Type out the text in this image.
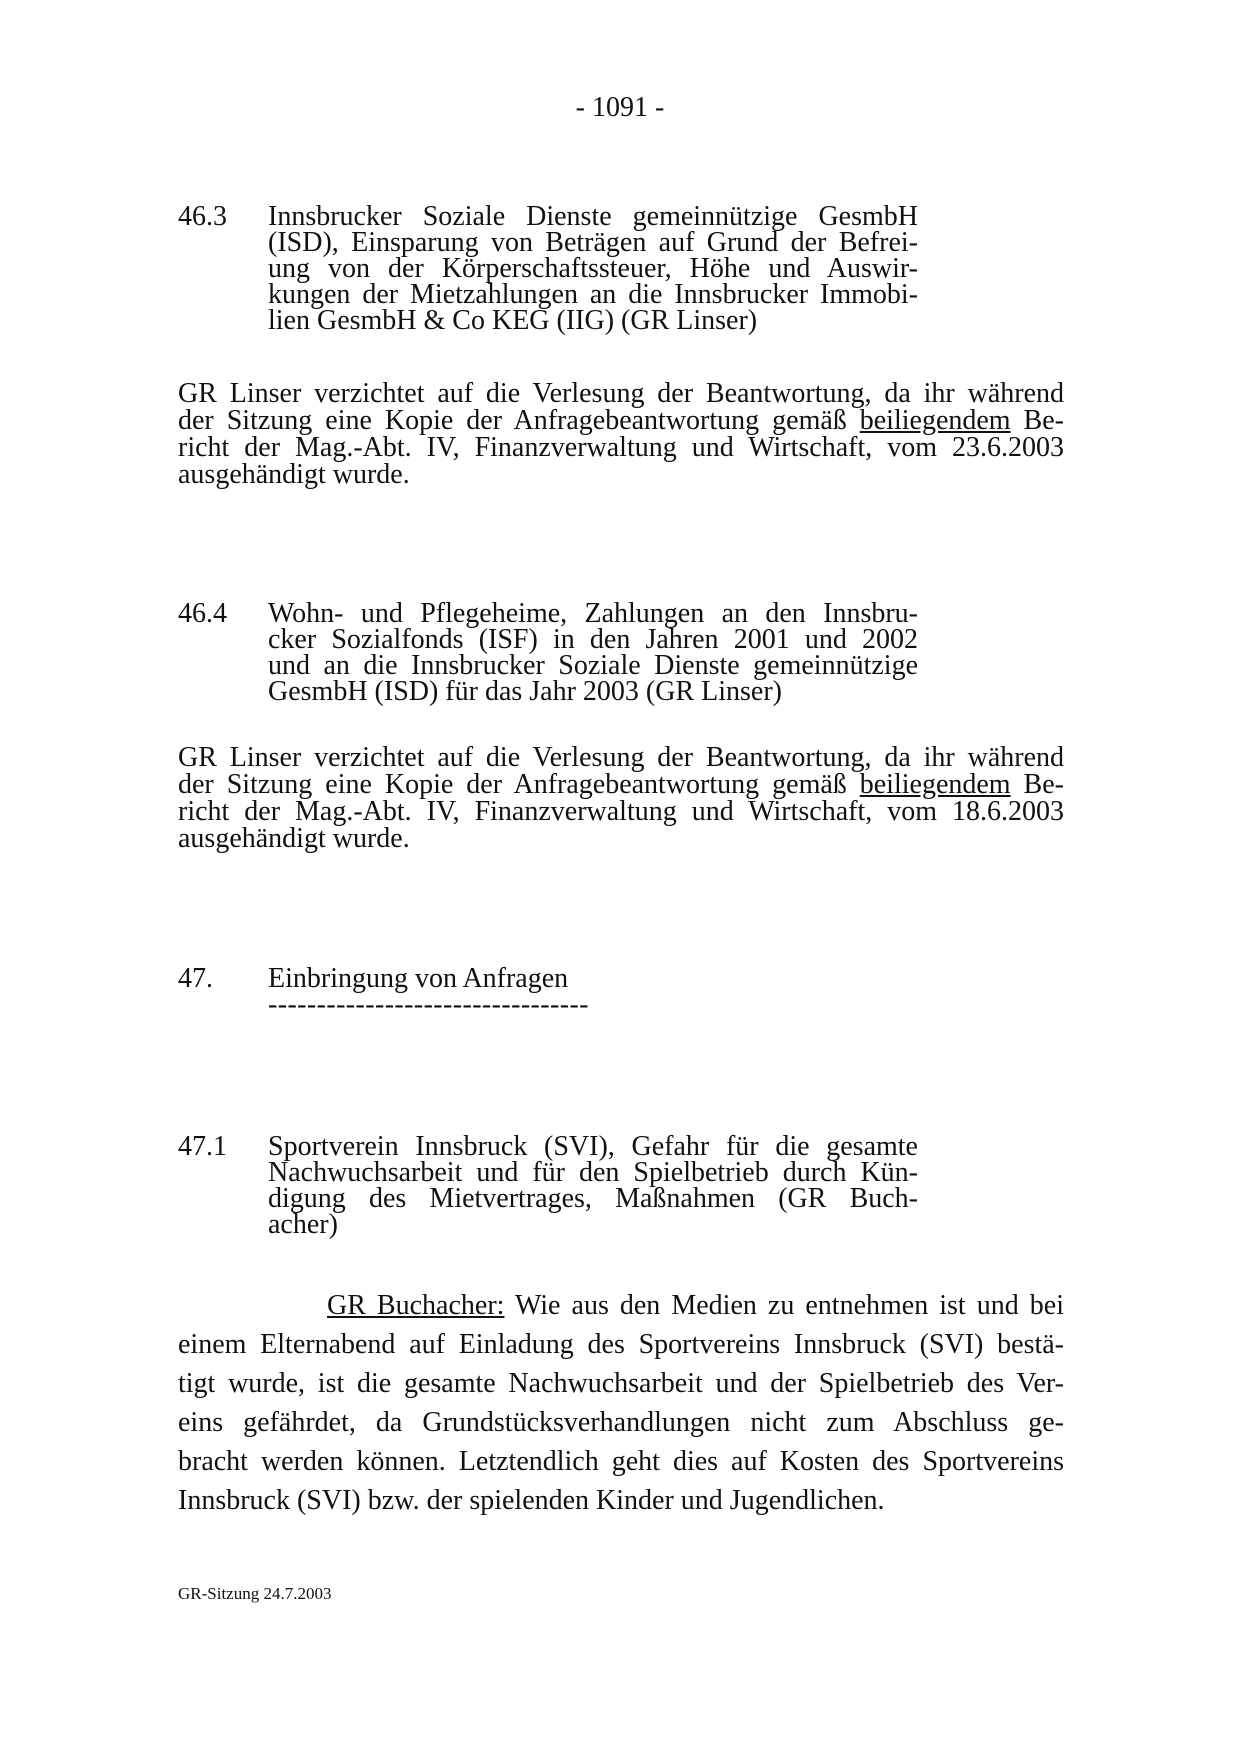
- 1091 -
46.3 Innsbrucker Soziale Dienste gemeinnützige GesmbH
(ISD), Einsparung von Beträgen auf Grund der Befrei-
ung von der Körperschaftssteuer, Höhe und Auswir-
kungen der Mietzahlungen an die Innsbrucker Immobi-
lien GesmbH & Co KEG (IIG) (GR Linser)
GR Linser verzichtet auf die Verlesung der Beantwortung, da ihr während
der Sitzung eine Kopie der Anfragebeantwortung gemäß beiliegendem Be-
richt der Mag.-Abt. IV, Finanzverwaltung und Wirtschaft, vom 23.6.2003
ausgehändigt wurde.
46.4 Wohn- und Pflegeheime, Zahlungen an den Innsbru-
cker Sozialfonds (ISF) in den Jahren 2001 und 2002
und an die Innsbrucker Soziale Dienste gemeinnützige
GesmbH (ISD) für das Jahr 2003 (GR Linser)
GR Linser verzichtet auf die Verlesung der Beantwortung, da ihr während
der Sitzung eine Kopie der Anfragebeantwortung gemäß beiliegendem Be-
richt der Mag.-Abt. IV, Finanzverwaltung und Wirtschaft, vom 18.6.2003
ausgehändigt wurde.
47. Einbringung von Anfragen
---------------------------------
47.1 Sportverein Innsbruck (SVI), Gefahr für die gesamte
Nachwuchsarbeit und für den Spielbetrieb durch Kün-
digung des Mietvertrages, Maßnahmen (GR Buch-
acher)
GR Buchacher: Wie aus den Medien zu entnehmen ist und bei
einem Elternabend auf Einladung des Sportvereins Innsbruck (SVI) bestä-
tigt wurde, ist die gesamte Nachwuchsarbeit und der Spielbetrieb des Ver-
eins gefährdet, da Grundstücksverhandlungen nicht zum Abschluss ge-
bracht werden können. Letztendlich geht dies auf Kosten des Sportvereins
Innsbruck (SVI) bzw. der spielenden Kinder und Jugendlichen.
GR-Sitzung 24.7.2003
